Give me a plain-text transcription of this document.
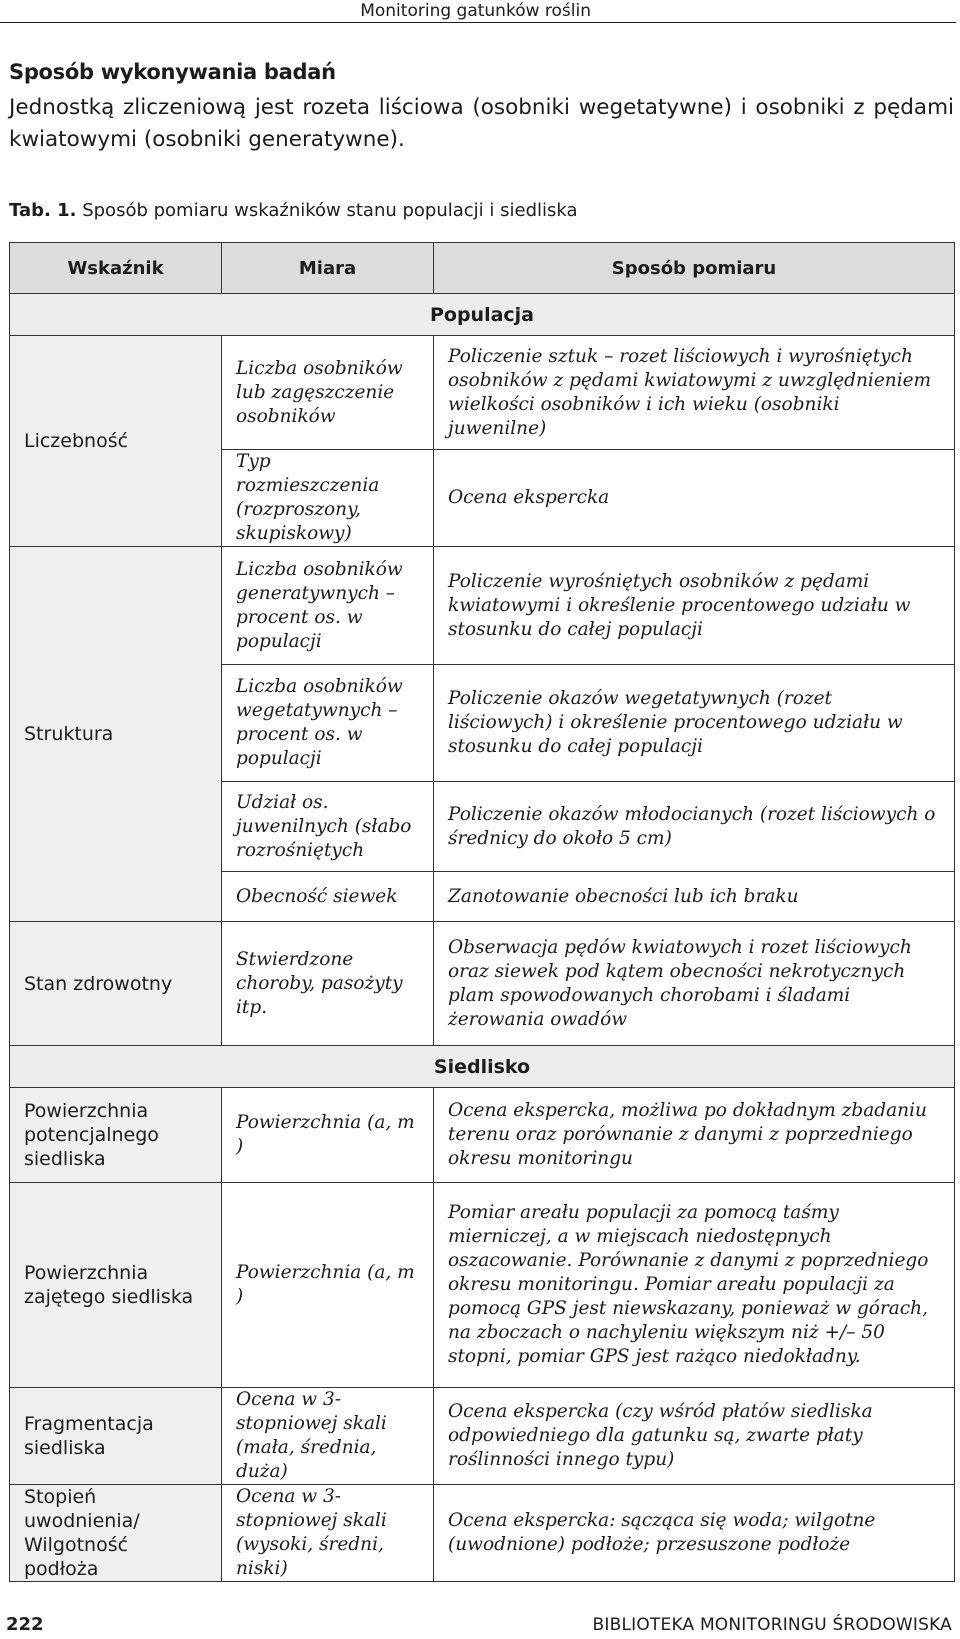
Monitoring gatunków roślin
Sposób wykonywania badań
Jednostką zliczeniową jest rozeta liściowa (osobniki wegetatywne) i osobniki z pędami kwiatowymi (osobniki generatywne).
Tab. 1. Sposób pomiaru wskaźników stanu populacji i siedliska
Wskaźnik	Miara	Sposób pomiaru
Populacja		
Liczebność	Liczba osobników lub zagęszczenie osobników	Policzenie sztuk – rozet liściowych i wyrośniętych osobników z pędami kwiatowymi z uwzględnieniem wielkości osobników i ich wieku (osobniki juwenilne)
	Typ rozmieszczenia (rozproszony, skupiskowy)	Ocena ekspercka
Struktura	Liczba osobników generatywnych – procent os. w populacji	Policzenie wyrośniętych osobników z pędami kwiatowymi i określenie procentowego udziału w stosunku do całej populacji
	Liczba osobników wegetatywnych – procent os. w populacji	Policzenie okazów wegetatywnych (rozet liściowych) i określenie procentowego udziału w stosunku do całej populacji
	Udział os. juwenilnych (słabo rozrośniętych	Policzenie okazów młodocianych (rozet liściowych o średnicy do około 5 cm)
	Obecność siewek	Zanotowanie obecności lub ich braku
Stan zdrowotny	Stwierdzone choroby, pasożyty itp.	Obserwacja pędów kwiatowych i rozet liściowych oraz siewek pod kątem obecności nekrotycznych plam spowodowanych chorobami i śladami żerowania owadów
Siedlisko		
Powierzchnia potencjalnego siedliska	Powierzchnia (a, m )	Ocena ekspercka, możliwa po dokładnym zbadaniu terenu oraz porównanie z danymi z poprzedniego okresu monitoringu
Powierzchnia zajętego siedliska	Powierzchnia (a, m )	Pomiar areału populacji za pomocą taśmy mierniczej, a w miejscach niedostępnych oszacowanie. Porównanie z danymi z poprzedniego okresu monitoringu. Pomiar areału populacji za pomocą GPS jest niewskazany, ponieważ w górach, na zboczach o nachyleniu większym niż +/– 50 stopni, pomiar GPS jest rażąco niedokładny.
Fragmentacja siedliska	Ocena w 3-stopniowej skali (mała, średnia, duża)	Ocena ekspercka (czy wśród płatów siedliska odpowiedniego dla gatunku są, zwarte płaty roślinności innego typu)
Stopień uwodnienia/ Wilgotność podłoża	Ocena w 3-stopniowej skali (wysoki, średni, niski)	Ocena ekspercka: sącząca się woda; wilgotne (uwodnione) podłoże; przesuszone podłoże
222	BIBLIOTEKA MONITORINGU ŚRODOWISKA
